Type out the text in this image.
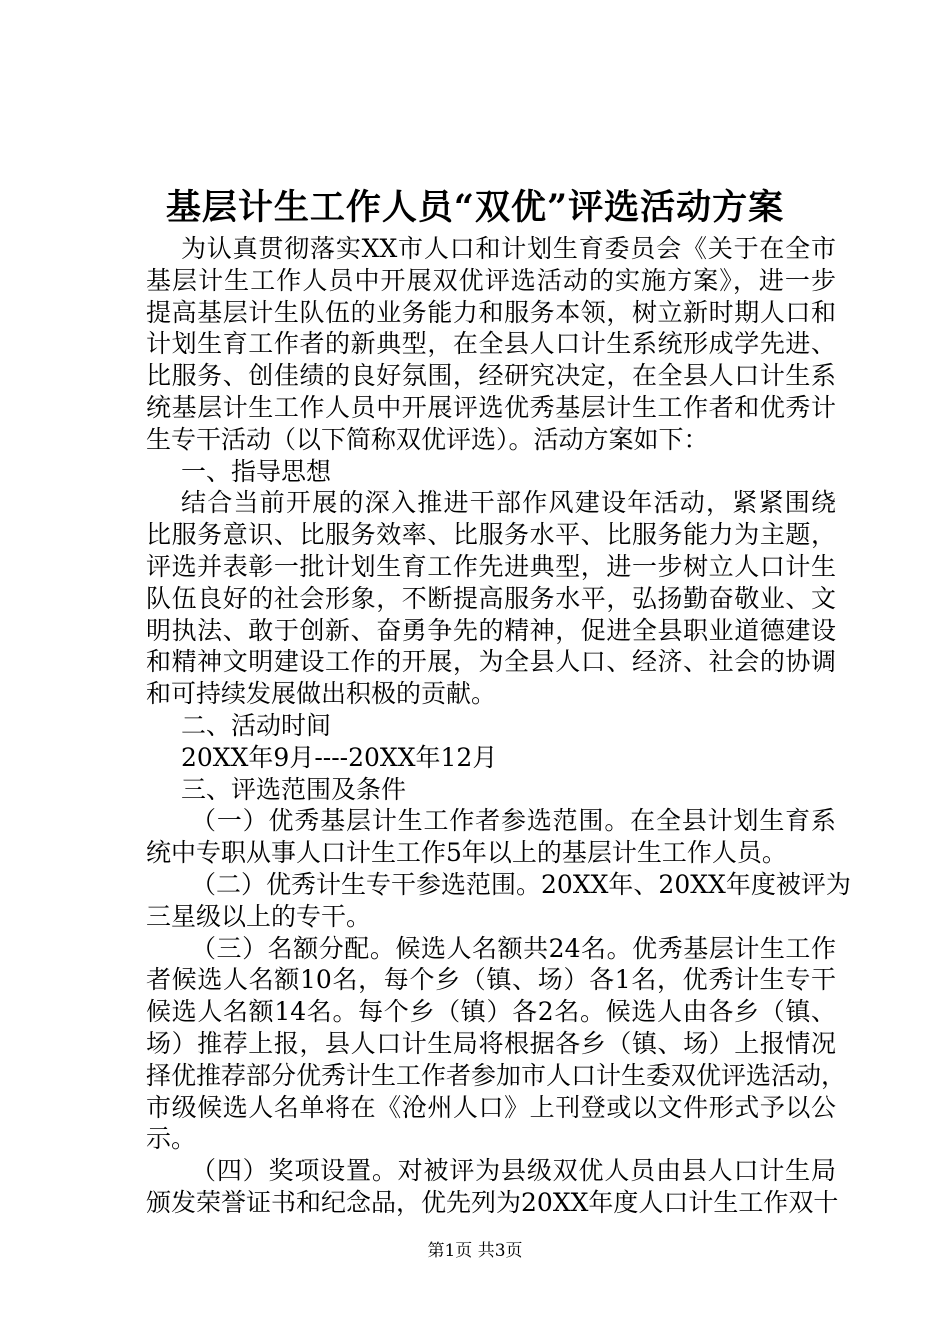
基层计生工作人员“双优”评选活动方案
为认真贯彻落实XX市人口和计划生育委员会《关于在全市
基层计生工作人员中开展双优评选活动的实施方案》，进一步
提高基层计生队伍的业务能力和服务本领，树立新时期人口和
计划生育工作者的新典型，在全县人口计生系统形成学先进、
比服务、创佳绩的良好氛围，经研究决定，在全县人口计生系
统基层计生工作人员中开展评选优秀基层计生工作者和优秀计
生专干活动（以下简称双优评选）。活动方案如下：
一、指导思想
结合当前开展的深入推进干部作风建设年活动，紧紧围绕
比服务意识、比服务效率、比服务水平、比服务能力为主题，
评选并表彰一批计划生育工作先进典型，进一步树立人口计生
队伍良好的社会形象，不断提高服务水平，弘扬勤奋敬业、文
明执法、敢于创新、奋勇争先的精神，促进全县职业道德建设
和精神文明建设工作的开展，为全县人口、经济、社会的协调
和可持续发展做出积极的贡献。
二、活动时间
20XX年9月----20XX年12月
三、评选范围及条件
（一）优秀基层计生工作者参选范围。在全县计划生育系
统中专职从事人口计生工作5年以上的基层计生工作人员。
（二）优秀计生专干参选范围。20XX年、20XX年度被评为
三星级以上的专干。
（三）名额分配。候选人名额共24名。优秀基层计生工作
者候选人名额10名，每个乡（镇、场）各1名，优秀计生专干
候选人名额14名。每个乡（镇）各2名。候选人由各乡（镇、
场）推荐上报，县人口计生局将根据各乡（镇、场）上报情况
择优推荐部分优秀计生工作者参加市人口计生委双优评选活动，
市级候选人名单将在《沧州人口》上刊登或以文件形式予以公
示。
（四）奖项设置。对被评为县级双优人员由县人口计生局
颁发荣誉证书和纪念品，优先列为20XX年度人口计生工作双十
第1页 共3页
